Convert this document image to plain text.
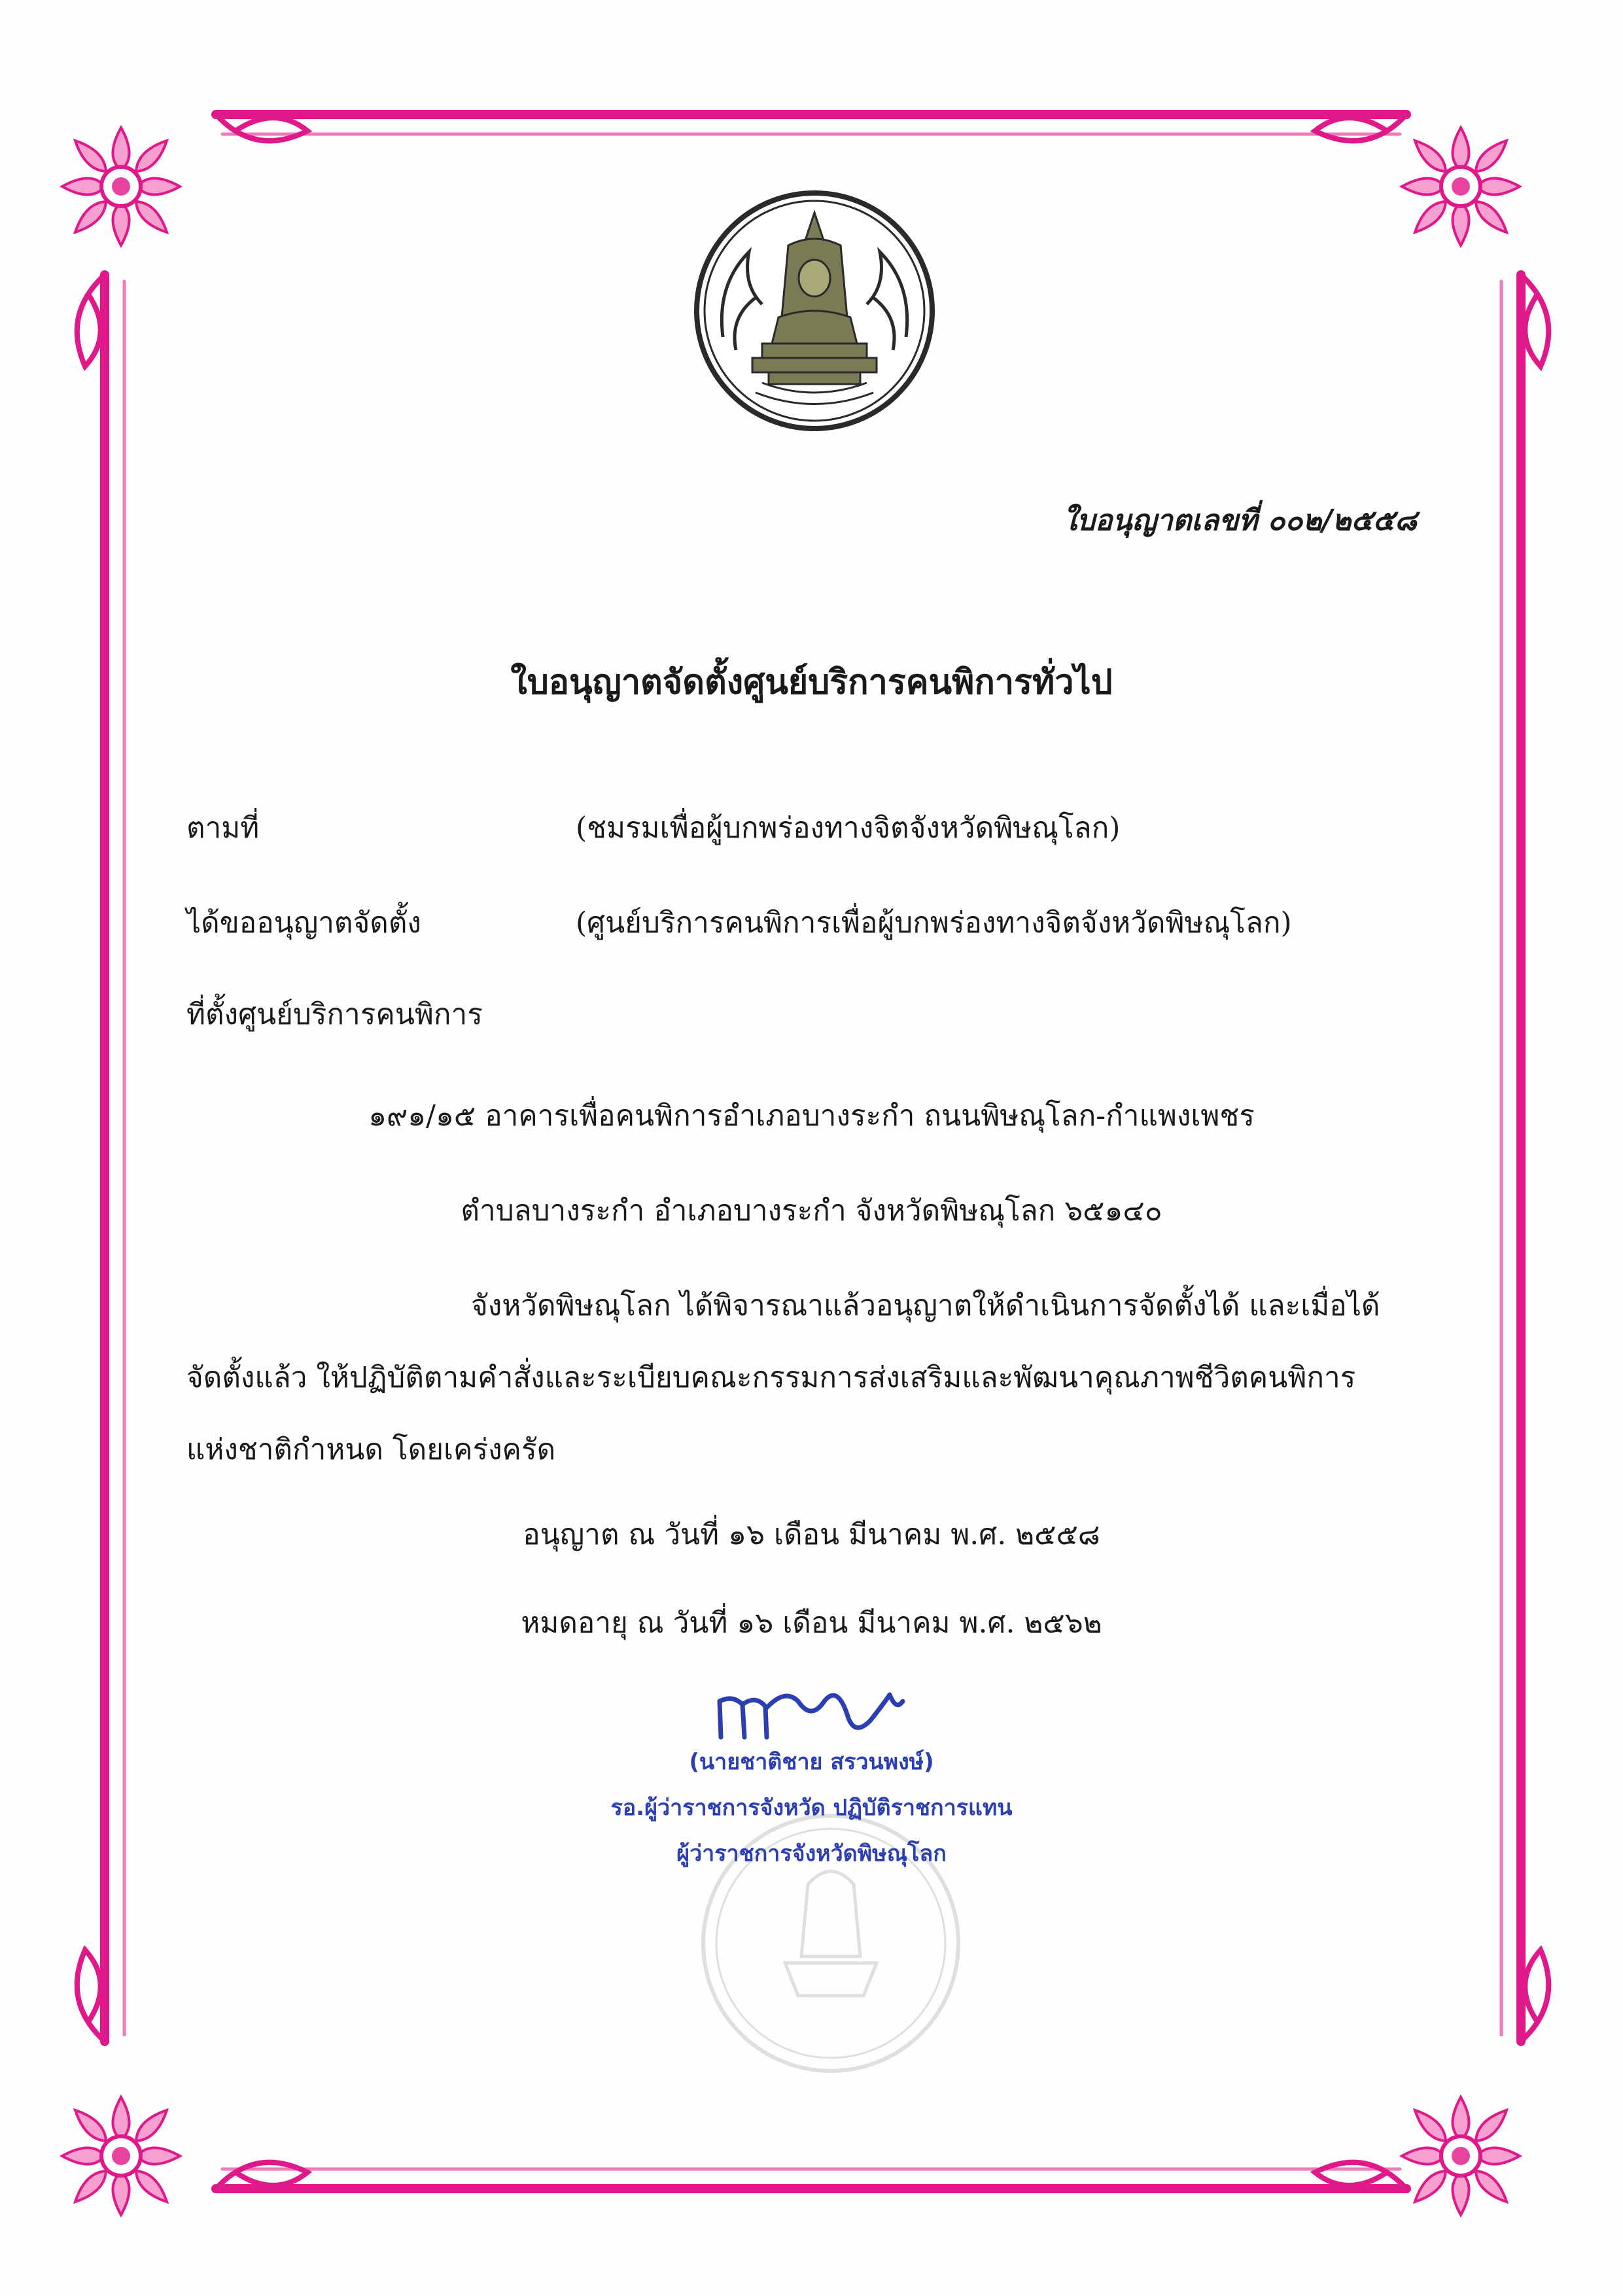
ใบอนุญาตเลขที่ ๐๐๒/๒๕๕๘
ใบอนุญาตจัดตั้งศูนย์บริการคนพิการทั่วไป
ตามที่	(ชมรมเพื่อผู้บกพร่องทางจิตจังหวัดพิษณุโลก)
ได้ขออนุญาตจัดตั้ง	(ศูนย์บริการคนพิการเพื่อผู้บกพร่องทางจิตจังหวัดพิษณุโลก)
ที่ตั้งศูนย์บริการคนพิการ
๑๙๑/๑๕ อาคารเพื่อคนพิการอำเภอบางระกำ ถนนพิษณุโลก-กำแพงเพชร
ตำบลบางระกำ อำเภอบางระกำ จังหวัดพิษณุโลก ๖๕๑๔๐
จังหวัดพิษณุโลก ได้พิจารณาแล้วอนุญาตให้ดำเนินการจัดตั้งได้ และเมื่อได้
จัดตั้งแล้ว ให้ปฏิบัติตามคำสั่งและระเบียบคณะกรรมการส่งเสริมและพัฒนาคุณภาพชีวิตคนพิการ
แห่งชาติกำหนด โดยเคร่งครัด
อนุญาต ณ วันที่ ๑๖ เดือน มีนาคม พ.ศ. ๒๕๕๘
หมดอายุ ณ วันที่ ๑๖ เดือน มีนาคม พ.ศ. ๒๕๖๒
(นายชาติชาย สรวนพงษ์)
รอ.ผู้ว่าราชการจังหวัด ปฏิบัติราชการแทน
ผู้ว่าราชการจังหวัดพิษณุโลก
